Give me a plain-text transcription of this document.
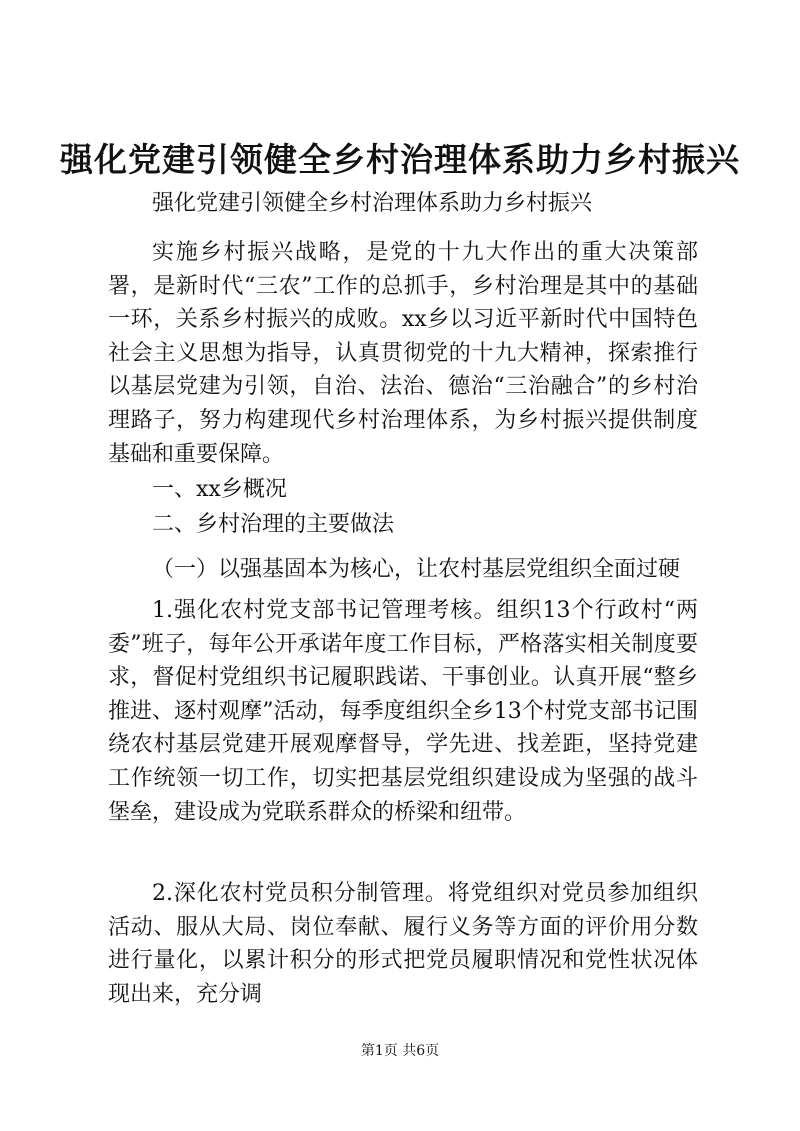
强化党建引领健全乡村治理体系助力乡村振兴

强化党建引领健全乡村治理体系助力乡村振兴

实施乡村振兴战略，是党的十九大作出的重大决策部署，是新时代“三农”工作的总抓手，乡村治理是其中的基础一环，关系乡村振兴的成败。xx乡以习近平新时代中国特色社会主义思想为指导，认真贯彻党的十九大精神，探索推行以基层党建为引领，自治、法治、德治“三治融合”的乡村治理路子，努力构建现代乡村治理体系，为乡村振兴提供制度基础和重要保障。

一、xx乡概况

二、乡村治理的主要做法

（一）以强基固本为核心，让农村基层党组织全面过硬

1.强化农村党支部书记管理考核。组织13个行政村“两委”班子，每年公开承诺年度工作目标，严格落实相关制度要求，督促村党组织书记履职践诺、干事创业。认真开展“整乡推进、逐村观摩”活动，每季度组织全乡13个村党支部书记围绕农村基层党建开展观摩督导，学先进、找差距，坚持党建工作统领一切工作，切实把基层党组织建设成为坚强的战斗堡垒，建设成为党联系群众的桥梁和纽带。

2.深化农村党员积分制管理。将党组织对党员参加组织活动、服从大局、岗位奉献、履行义务等方面的评价用分数进行量化，以累计积分的形式把党员履职情况和党性状况体现出来，充分调

第1页 共6页
